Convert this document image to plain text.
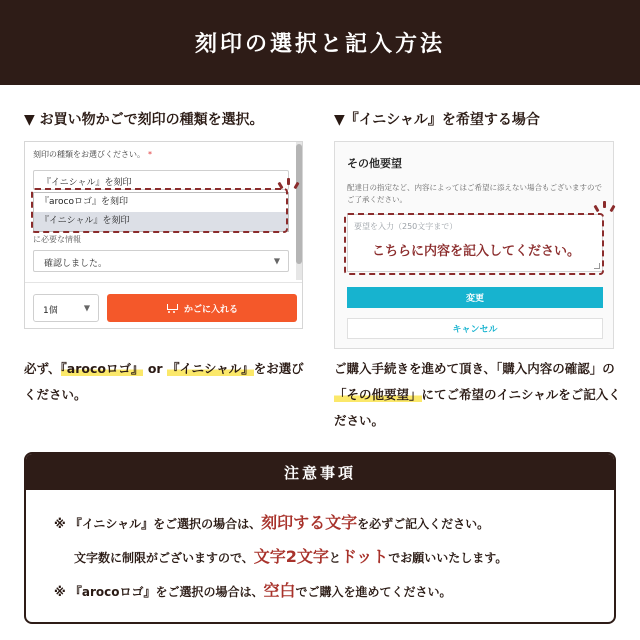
刻印の選択と記入方法
▼ お買い物かごで刻印の種類を選択。	▼『イニシャル』を希望する場合
刻印の種類をお選びください。 *
『イニシャル』を刻印
『arocoロゴ』を刻印
『イニシャル』を刻印
に必要な情報
確認しました。	▼
1個	▼	かごに入れる
その他要望
配達日の指定など、内容によってはご希望に添えない場合もございますのでご了承ください。
要望を入力（250文字まで）
こちらに内容を記入してください。
変更
キャンセル
必ず、『arocoロゴ』 or 『イニシャル』をお選びください。
ご購入手続きを進めて頂き、「購入内容の確認」の「その他要望」にてご希望のイニシャルをご記入ください。
注意事項
※ 『イニシャル』をご選択の場合は、刻印する文字を必ずご記入ください。
文字数に制限がございますので、文字2文字とドットでお願いいたします。
※ 『arocoロゴ』をご選択の場合は、空白でご購入を進めてください。
